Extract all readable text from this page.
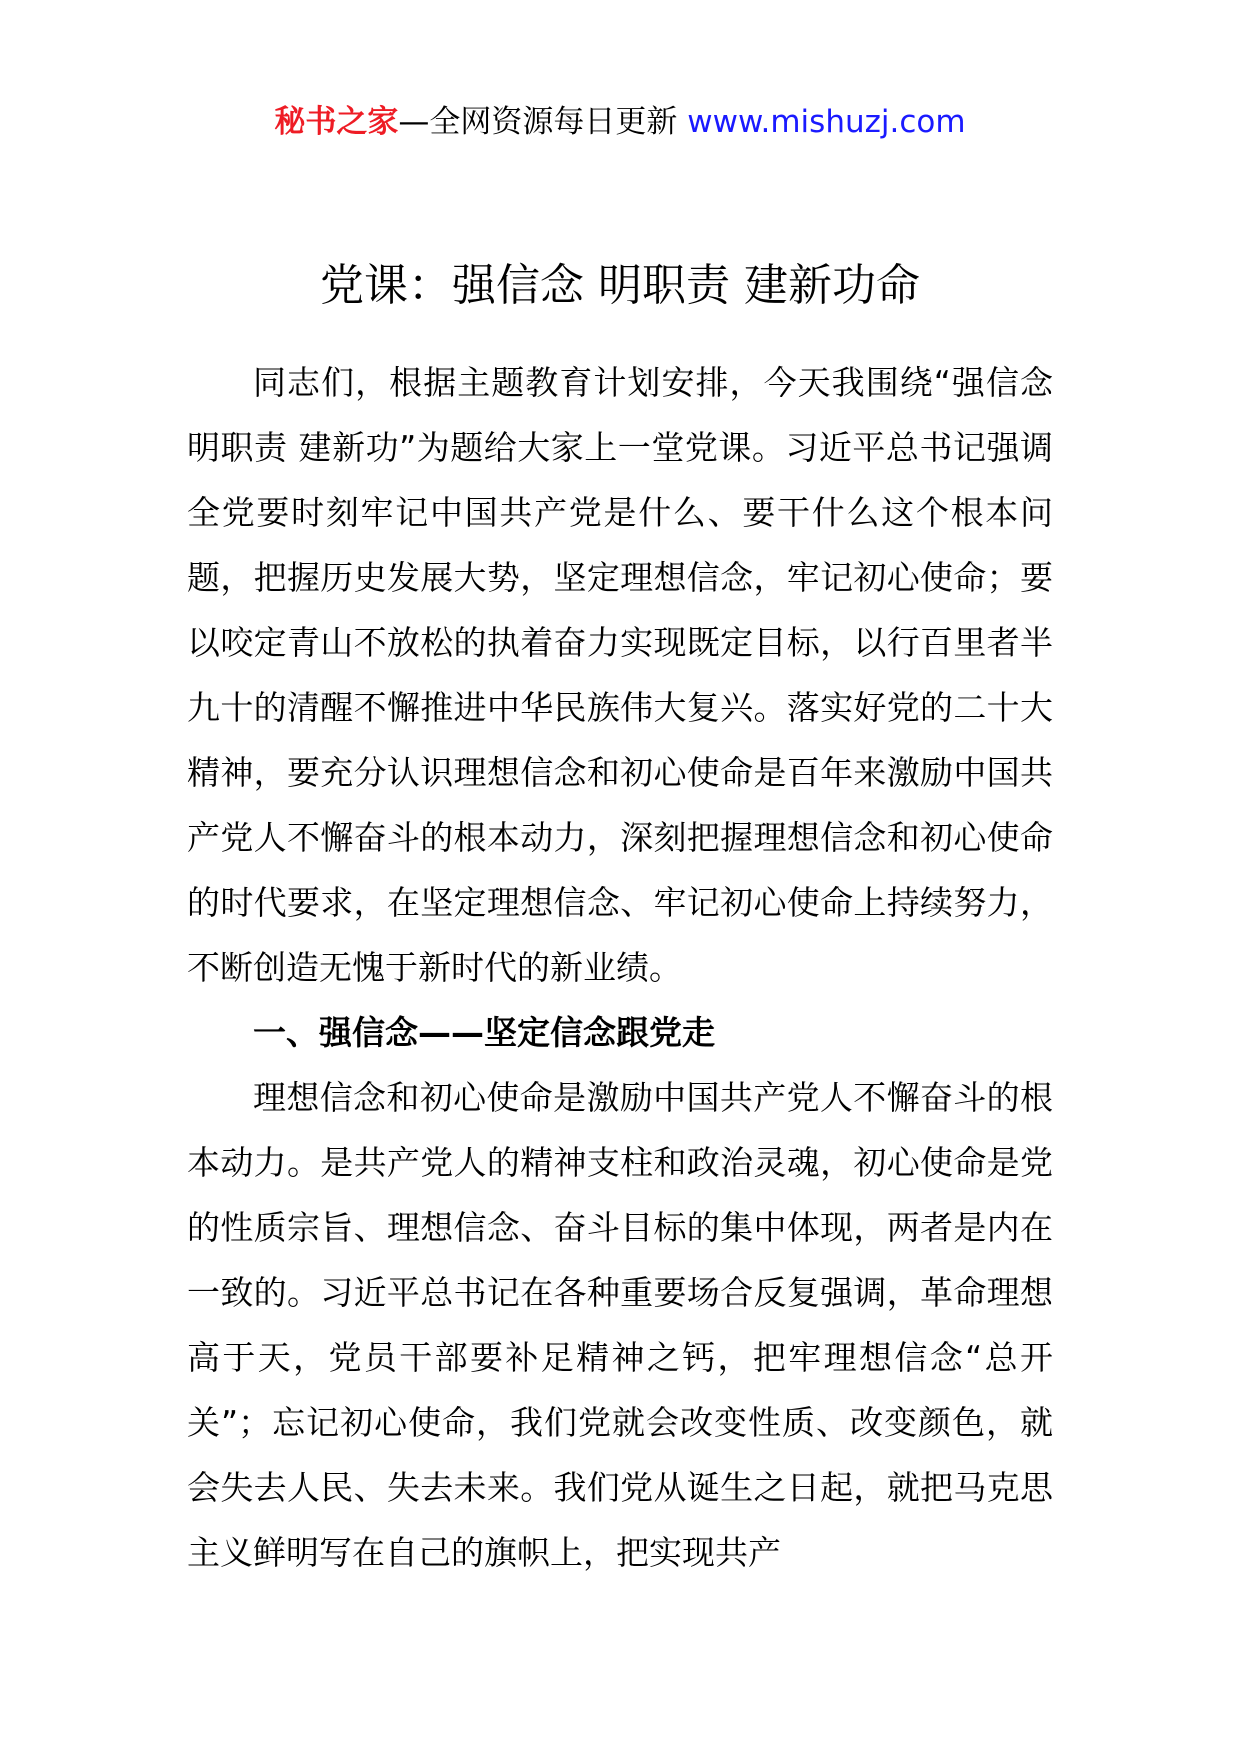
秘书之家—全网资源每日更新 www.mishuzj.com
党课：强信念 明职责 建新功命

同志们，根据主题教育计划安排，今天我围绕“强信念 明职责 建新功”为题给大家上一堂党课。习近平总书记强调全党要时刻牢记中国共产党是什么、要干什么这个根本问题，把握历史发展大势，坚定理想信念，牢记初心使命；要以咬定青山不放松的执着奋力实现既定目标，以行百里者半九十的清醒不懈推进中华民族伟大复兴。落实好党的二十大精神，要充分认识理想信念和初心使命是百年来激励中国共产党人不懈奋斗的根本动力，深刻把握理想信念和初心使命的时代要求，在坚定理想信念、牢记初心使命上持续努力，不断创造无愧于新时代的新业绩。

一、强信念——坚定信念跟党走

理想信念和初心使命是激励中国共产党人不懈奋斗的根本动力。是共产党人的精神支柱和政治灵魂，初心使命是党的性质宗旨、理想信念、奋斗目标的集中体现，两者是内在一致的。习近平总书记在各种重要场合反复强调，革命理想高于天，党员干部要补足精神之钙，把牢理想信念“总开关”；忘记初心使命，我们党就会改变性质、改变颜色，就会失去人民、失去未来。我们党从诞生之日起，就把马克思主义鲜明写在自己的旗帜上，把实现共产
